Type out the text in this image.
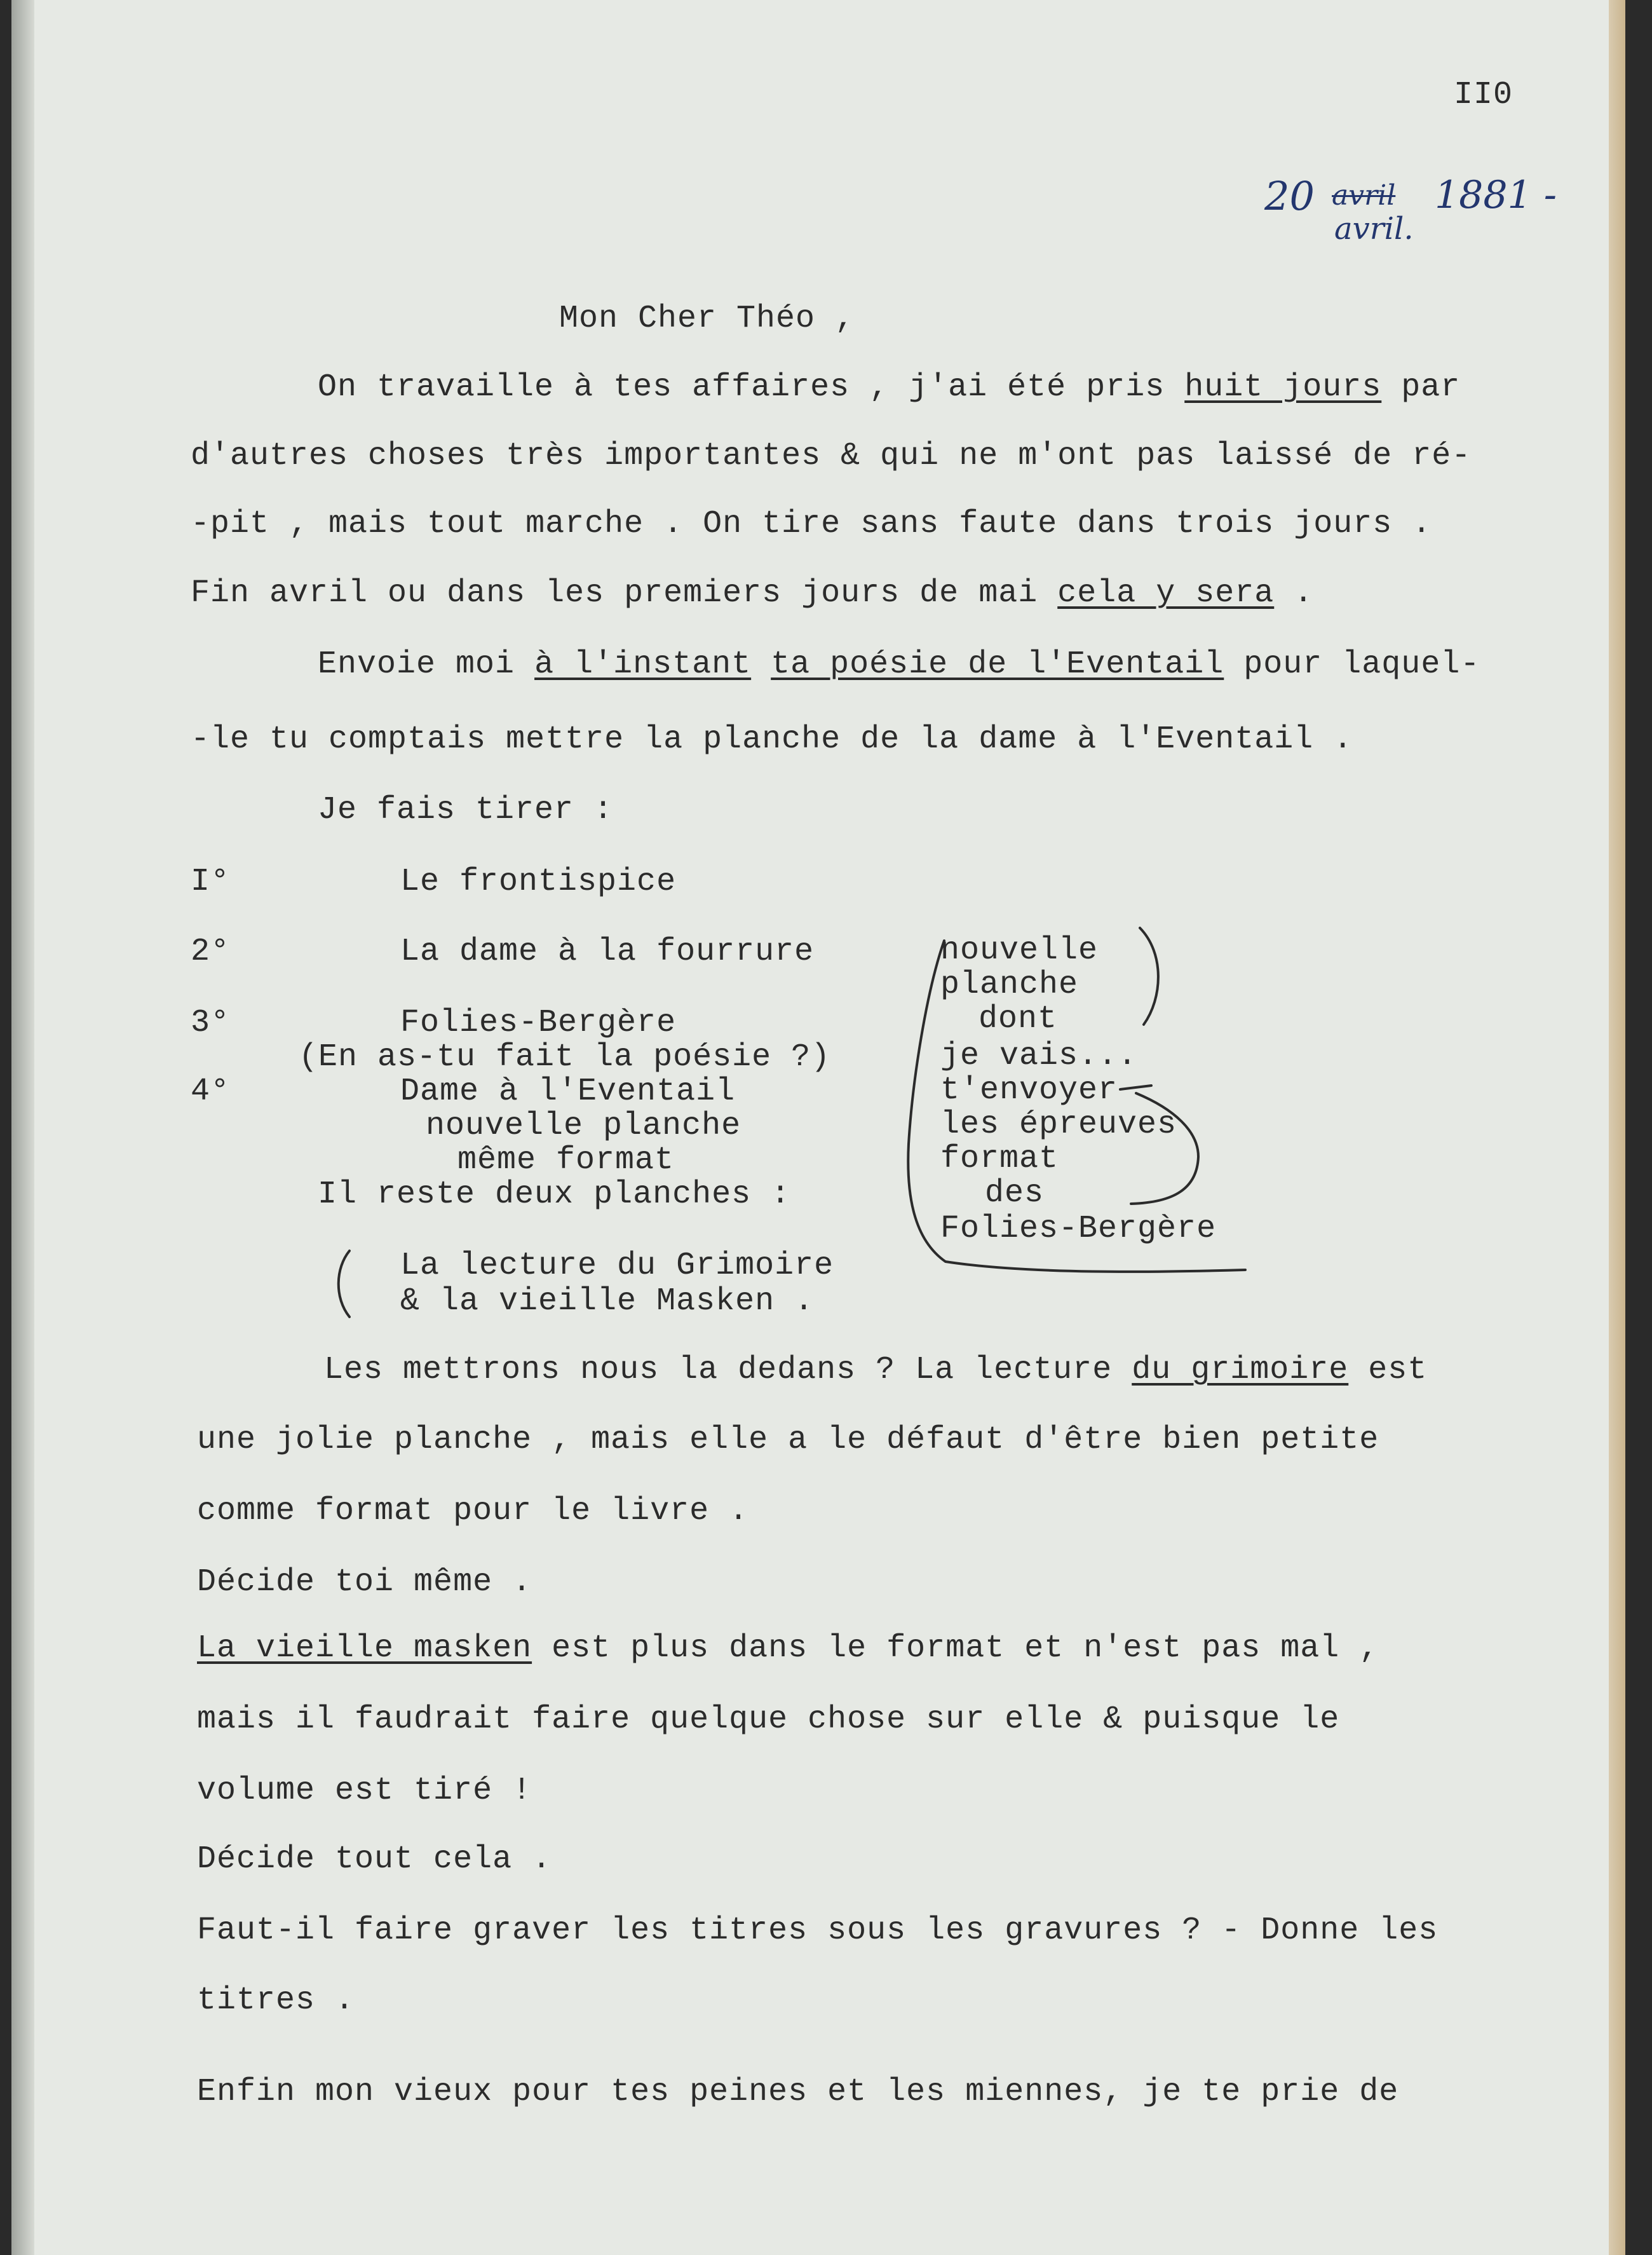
II0

20 avril 1881 -
avril.

Mon Cher Théo ,

On travaille à tes affaires , j'ai été pris huit jours par

d'autres choses très importantes & qui ne m'ont pas laissé de ré-

-pit , mais tout marche . On tire sans faute dans trois jours .

Fin avril ou dans les premiers jours de mai cela y sera .

Envoie moi à l'instant ta poésie de l'Eventail pour laquel-

-le tu comptais mettre la planche de la dame à l'Eventail .

Je fais tirer :

I°	Le frontispice

2°	La dame à la fourrure

3°	Folies-Bergère

(En as-tu fait la poésie ?)

4°	Dame à l'Eventail

nouvelle planche

même format

Il reste deux planches :

La lecture du Grimoire

& la vieille Masken .

nouvelle

planche

dont

je vais...

t'envoyer

les épreuves

format

des

Folies-Bergère

Les mettrons nous la dedans ? La lecture du grimoire est

une jolie planche , mais elle a le défaut d'être bien petite

comme format pour le livre .

Décide toi même .

La vieille masken est plus dans le format et n'est pas mal ,

mais il faudrait faire quelque chose sur elle & puisque le

volume est tiré !

Décide tout cela .

Faut-il faire graver les titres sous les gravures ? - Donne les

titres .

Enfin mon vieux pour tes peines et les miennes, je te prie de
